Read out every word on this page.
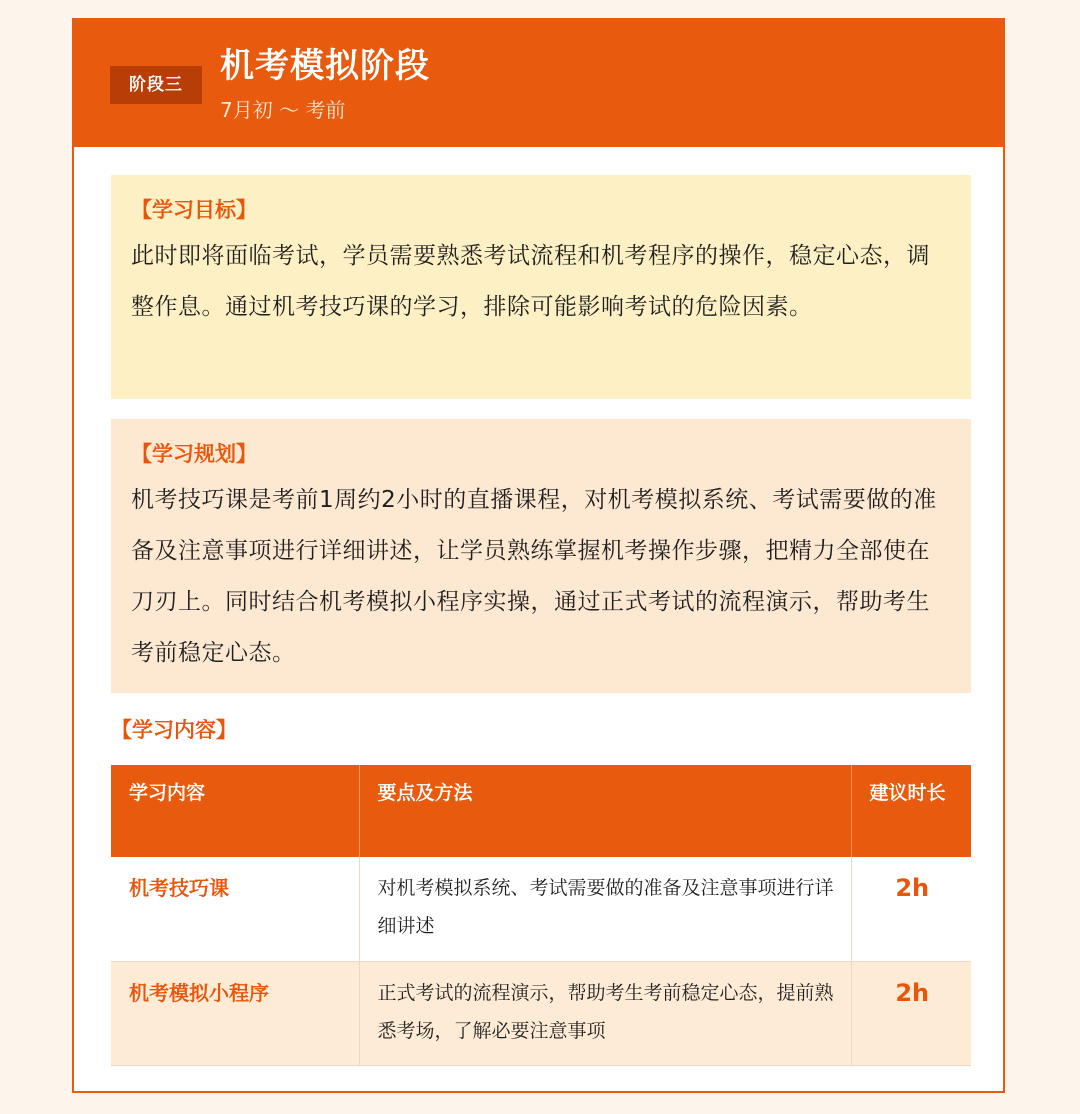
阶段三	机考模拟阶段
7月初 ～ 考前
【学习目标】
此时即将面临考试，学员需要熟悉考试流程和机考程序的操作，稳定心态，调整作息。通过机考技巧课的学习，排除可能影响考试的危险因素。
【学习规划】
机考技巧课是考前1周约2小时的直播课程，对机考模拟系统、考试需要做的准备及注意事项进行详细讲述，让学员熟练掌握机考操作步骤，把精力全部使在刀刃上。同时结合机考模拟小程序实操，通过正式考试的流程演示，帮助考生考前稳定心态。
【学习内容】
学习内容	要点及方法	建议时长
机考技巧课	对机考模拟系统、考试需要做的准备及注意事项进行详细讲述	2h
机考模拟小程序	正式考试的流程演示，帮助考生考前稳定心态，提前熟悉考场，了解必要注意事项	2h
